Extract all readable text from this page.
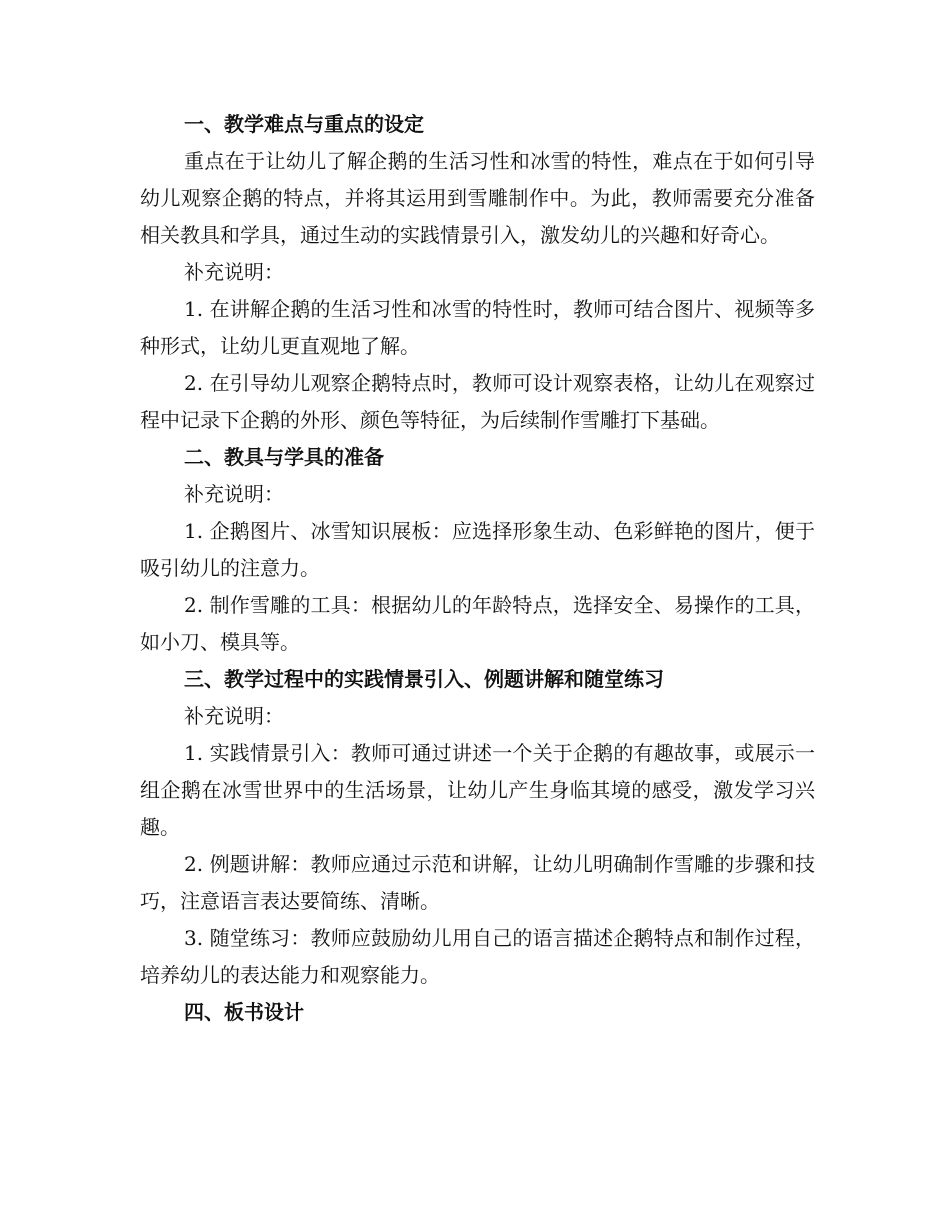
一、教学难点与重点的设定

重点在于让幼儿了解企鹅的生活习性和冰雪的特性，难点在于如何引导幼儿观察企鹅的特点，并将其运用到雪雕制作中。为此，教师需要充分准备相关教具和学具，通过生动的实践情景引入，激发幼儿的兴趣和好奇心。

补充说明：

1. 在讲解企鹅的生活习性和冰雪的特性时，教师可结合图片、视频等多种形式，让幼儿更直观地了解。

2. 在引导幼儿观察企鹅特点时，教师可设计观察表格，让幼儿在观察过程中记录下企鹅的外形、颜色等特征，为后续制作雪雕打下基础。

二、教具与学具的准备

补充说明：

1. 企鹅图片、冰雪知识展板：应选择形象生动、色彩鲜艳的图片，便于吸引幼儿的注意力。

2. 制作雪雕的工具：根据幼儿的年龄特点，选择安全、易操作的工具，如小刀、模具等。

三、教学过程中的实践情景引入、例题讲解和随堂练习

补充说明：

1. 实践情景引入：教师可通过讲述一个关于企鹅的有趣故事，或展示一组企鹅在冰雪世界中的生活场景，让幼儿产生身临其境的感受，激发学习兴趣。

2. 例题讲解：教师应通过示范和讲解，让幼儿明确制作雪雕的步骤和技巧，注意语言表达要简练、清晰。

3. 随堂练习：教师应鼓励幼儿用自己的语言描述企鹅特点和制作过程，培养幼儿的表达能力和观察能力。

四、板书设计
